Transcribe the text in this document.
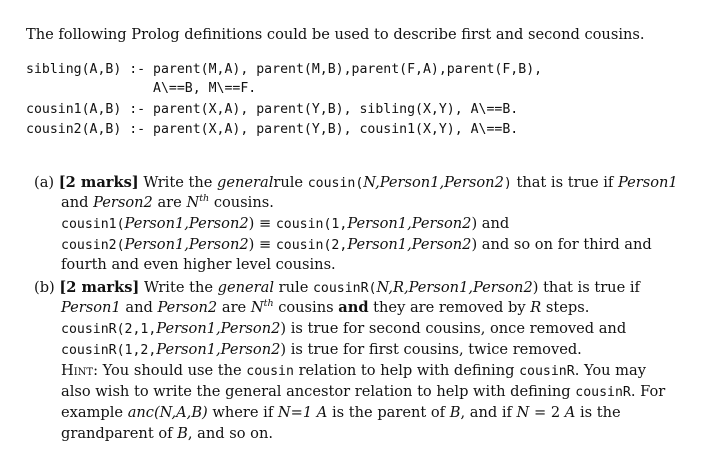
The following Prolog definitions could be used to describe first and second cousins.
sibling(A,B) :- parent(M,A), parent(M,B),parent(F,A),parent(F,B),
A\==B, M\==F.
cousin1(A,B) :- parent(X,A), parent(Y,B), sibling(X,Y), A\==B.
cousin2(A,B) :- parent(X,A), parent(Y,B), cousin1(X,Y), A\==B.
(a) [2 marks] Write the generalrule cousin(N,Person1,Person2) that is true if Person1
and Person2 are $N^{th}$ cousins.
cousin1(Person1,Person2) ≡ cousin(1,Person1,Person2) and
cousin2(Person1,Person2) ≡ cousin(2,Person1,Person2) and so on for third and
fourth and even higher level cousins.
(b) [2 marks] Write the general rule cousinR(N,R,Person1,Person2) that is true if
Person1 and Person2 are $N^{th}$ cousins and they are removed by R steps.
cousinR(2,1,Person1,Person2) is true for second cousins, once removed and
cousinR(1,2,Person1,Person2) is true for first cousins, twice removed.
Hint: You should use the cousin relation to help with defining cousinR. You may
also wish to write the general ancestor relation to help with defining cousinR. For
example anc(N,A,B) where if N=1 A is the parent of B, and if N = 2 A is the
grandparent of B, and so on.
